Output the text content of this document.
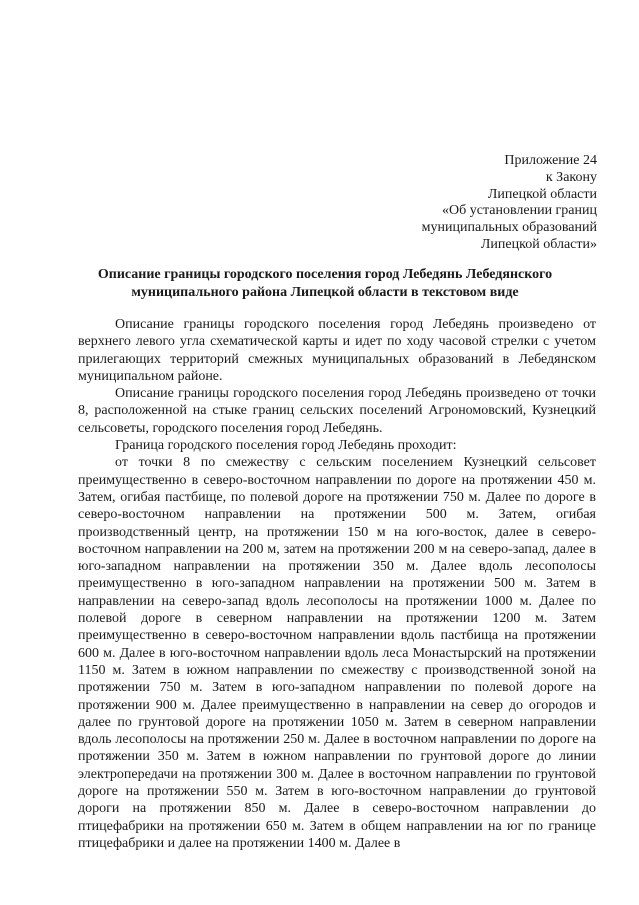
Приложение 24
к Закону
Липецкой области
«Об установлении границ
муниципальных образований
Липецкой области»
Описание границы городского поселения город Лебедянь Лебедянского
муниципального района Липецкой области в текстовом виде

Описание границы городского поселения город Лебедянь произведено от верхнего левого угла схематической карты и идет по ходу часовой стрелки с учетом прилегающих территорий смежных муниципальных образований в Лебедянском муниципальном районе.

Описание границы городского поселения город Лебедянь произведено от точки 8, расположенной на стыке границ сельских поселений Агрономовский, Кузнецкий сельсоветы, городского поселения город Лебедянь.

Граница городского поселения город Лебедянь проходит:

от точки 8 по смежеству с сельским поселением Кузнецкий сельсовет преимущественно в северо-восточном направлении по дороге на протяжении 450 м. Затем, огибая пастбище, по полевой дороге на протяжении 750 м. Далее по дороге в северо-восточном направлении на протяжении 500 м. Затем, огибая производственный центр, на протяжении 150 м на юго-восток, далее в северо-восточном направлении на 200 м, затем на протяжении 200 м на северо-запад, далее в юго-западном направлении на протяжении 350 м. Далее вдоль лесополосы преимущественно в юго-западном направлении на протяжении 500 м. Затем в направлении на северо-запад вдоль лесополосы на протяжении 1000 м. Далее по полевой дороге в северном направлении на протяжении 1200 м. Затем преимущественно в северо-восточном направлении вдоль пастбища на протяжении 600 м. Далее в юго-восточном направлении вдоль леса Монастырский на протяжении 1150 м. Затем в южном направлении по смежеству с производственной зоной на протяжении 750 м. Затем в юго-западном направлении по полевой дороге на протяжении 900 м. Далее преимущественно в направлении на север до огородов и далее по грунтовой дороге на протяжении 1050 м. Затем в северном направлении вдоль лесополосы на протяжении 250 м. Далее в восточном направлении по дороге на протяжении 350 м. Затем в южном направлении по грунтовой дороге до линии электропередачи на протяжении 300 м. Далее в восточном направлении по грунтовой дороге на протяжении 550 м. Затем в юго-восточном направлении до грунтовой дороги на протяжении 850 м. Далее в северо-восточном направлении до птицефабрики на протяжении 650 м. Затем в общем направлении на юг по границе птицефабрики и далее на протяжении 1400 м. Далее в
